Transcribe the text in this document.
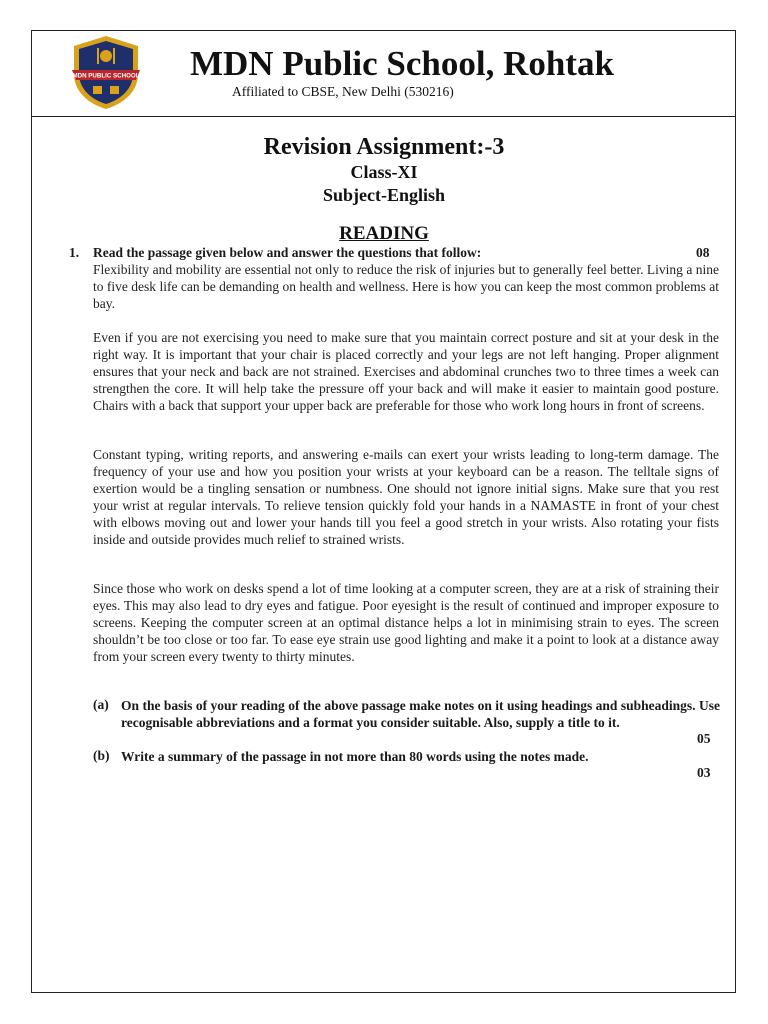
MDN PUBLIC SCHOOL MDN Public School, Rohtak
Affiliated to CBSE, New Delhi (530216)
Revision Assignment:-3
Class-XI
Subject-English
READING
1. Read the passage given below and answer the questions that follow:	08
Flexibility and mobility are essential not only to reduce the risk of injuries but to generally feel better. Living a nine to five desk life can be demanding on health and wellness. Here is how you can keep the most common problems at bay.
Even if you are not exercising you need to make sure that you maintain correct posture and sit at your desk in the right way. It is important that your chair is placed correctly and your legs are not left hanging. Proper alignment ensures that your neck and back are not strained. Exercises and abdominal crunches two to three times a week can strengthen the core. It will help take the pressure off your back and will make it easier to maintain good posture. Chairs with a back that support your upper back are preferable for those who work long hours in front of screens.
Constant typing, writing reports, and answering e-mails can exert your wrists leading to long-term damage. The frequency of your use and how you position your wrists at your keyboard can be a reason. The telltale signs of exertion would be a tingling sensation or numbness. One should not ignore initial signs. Make sure that you rest your wrist at regular intervals. To relieve tension quickly fold your hands in a NAMASTE in front of your chest with elbows moving out and lower your hands till you feel a good stretch in your wrists. Also rotating your fists inside and outside provides much relief to strained wrists.
Since those who work on desks spend a lot of time looking at a computer screen, they are at a risk of straining their eyes. This may also lead to dry eyes and fatigue. Poor eyesight is the result of continued and improper exposure to screens. Keeping the computer screen at an optimal distance helps a lot in minimising strain to eyes. The screen shouldn’t be too close or too far. To ease eye strain use good lighting and make it a point to look at a distance away from your screen every twenty to thirty minutes.
(a) On the basis of your reading of the above passage make notes on it using headings and subheadings. Use recognisable abbreviations and a format you consider suitable. Also, supply a title to it.
05
(b) Write a summary of the passage in not more than 80 words using the notes made.
03
